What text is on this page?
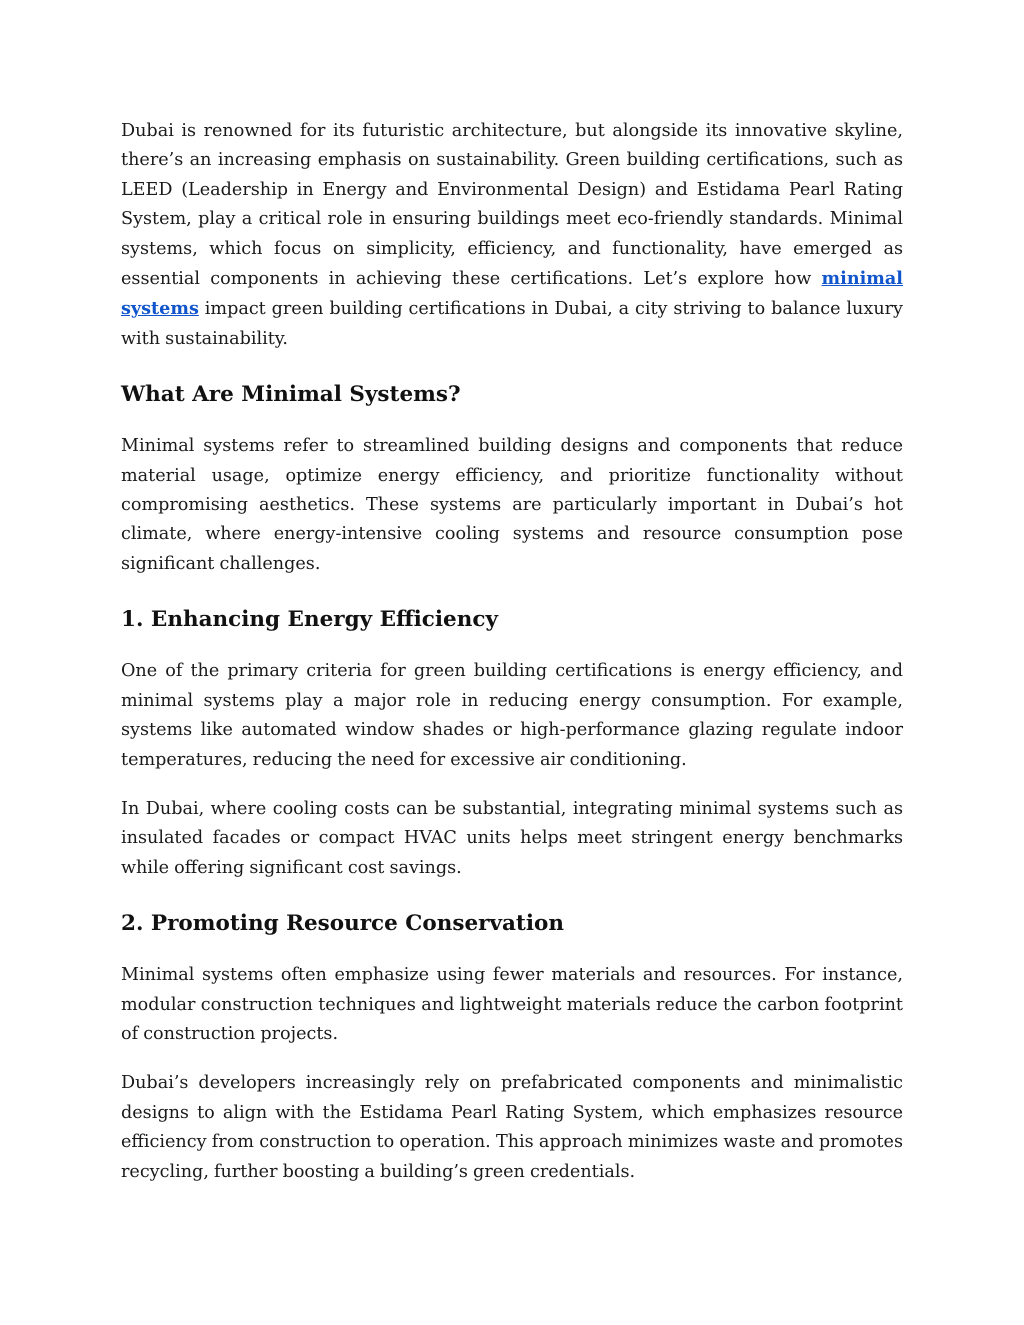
Dubai is renowned for its futuristic architecture, but alongside its innovative skyline, there’s an increasing emphasis on sustainability. Green building certifications, such as LEED (Leadership in Energy and Environmental Design) and Estidama Pearl Rating System, play a critical role in ensuring buildings meet eco-friendly standards. Minimal systems, which focus on simplicity, efficiency, and functionality, have emerged as essential components in achieving these certifications. Let’s explore how minimal systems impact green building certifications in Dubai, a city striving to balance luxury with sustainability.

What Are Minimal Systems?

Minimal systems refer to streamlined building designs and components that reduce material usage, optimize energy efficiency, and prioritize functionality without compromising aesthetics. These systems are particularly important in Dubai’s hot climate, where energy-intensive cooling systems and resource consumption pose significant challenges.

1. Enhancing Energy Efficiency

One of the primary criteria for green building certifications is energy efficiency, and minimal systems play a major role in reducing energy consumption. For example, systems like automated window shades or high-performance glazing regulate indoor temperatures, reducing the need for excessive air conditioning.

In Dubai, where cooling costs can be substantial, integrating minimal systems such as insulated facades or compact HVAC units helps meet stringent energy benchmarks while offering significant cost savings.

2. Promoting Resource Conservation

Minimal systems often emphasize using fewer materials and resources. For instance, modular construction techniques and lightweight materials reduce the carbon footprint of construction projects.

Dubai’s developers increasingly rely on prefabricated components and minimalistic designs to align with the Estidama Pearl Rating System, which emphasizes resource efficiency from construction to operation. This approach minimizes waste and promotes recycling, further boosting a building’s green credentials.
